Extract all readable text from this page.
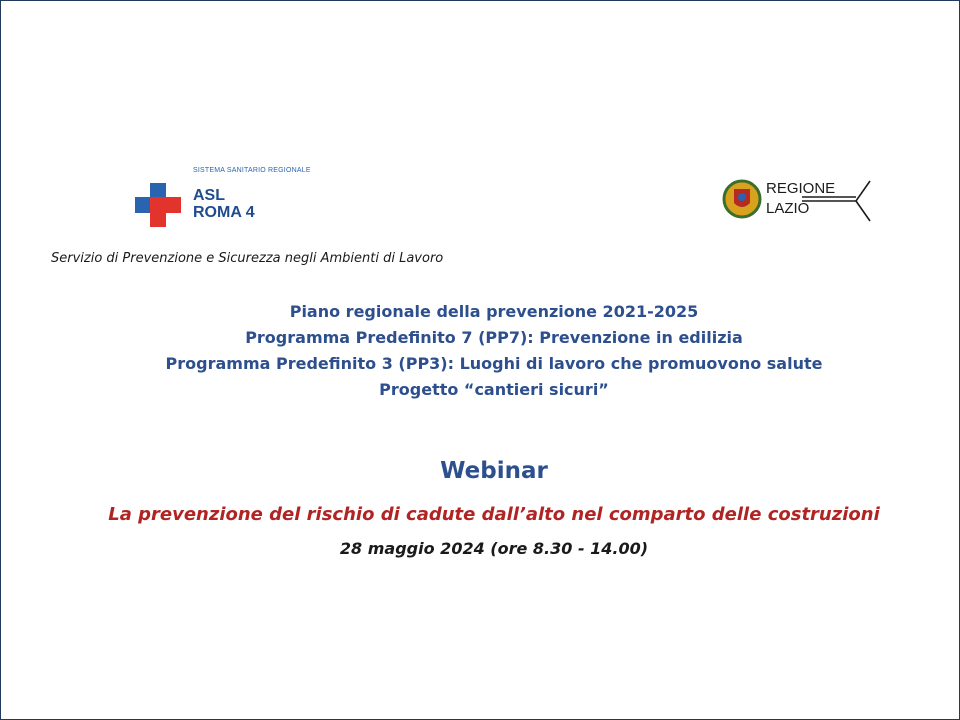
SISTEMA SANITARIO REGIONALE
ASL
ROMA 4
REGIONE
LAZIO
Servizio di Prevenzione e Sicurezza negli Ambienti di Lavoro
Piano regionale della prevenzione 2021-2025
Programma Predefinito 7 (PP7): Prevenzione in edilizia
Programma Predefinito 3 (PP3): Luoghi di lavoro che promuovono salute
Progetto “cantieri sicuri”
Webinar
La prevenzione del rischio di cadute dall’alto nel comparto delle costruzioni
28 maggio 2024 (ore 8.30 - 14.00)
